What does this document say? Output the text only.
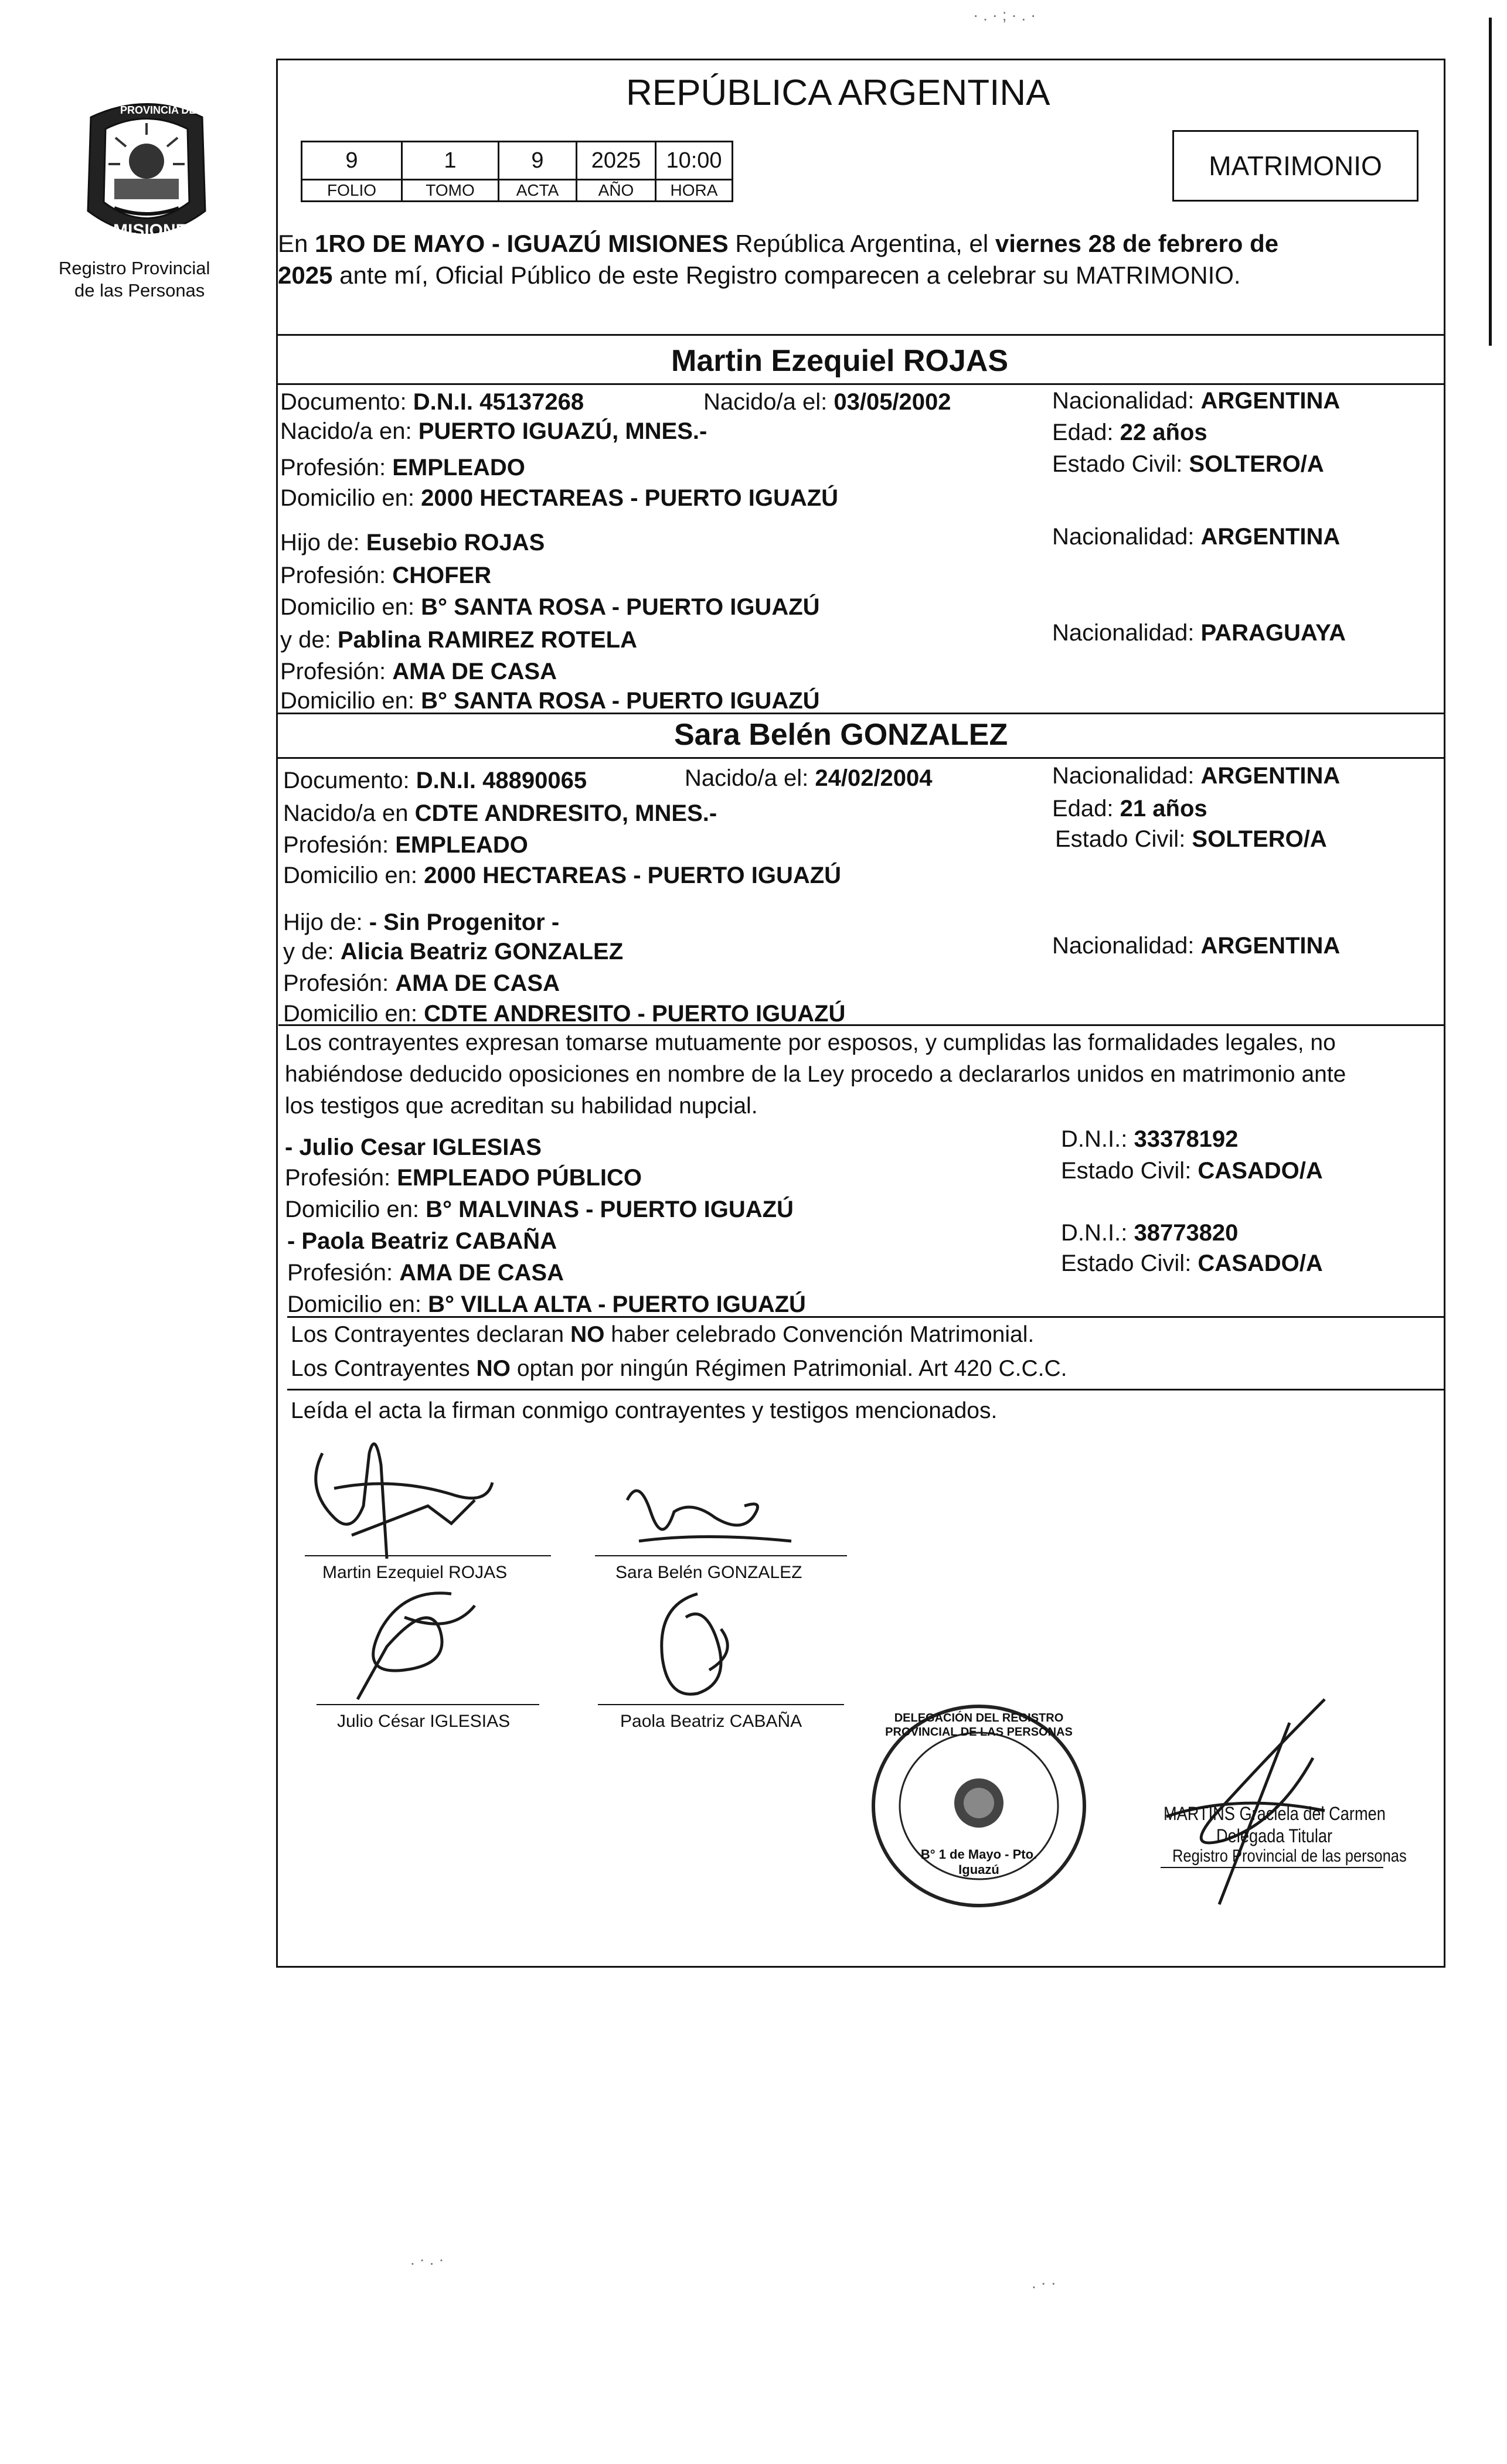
PROVINCIA DE
MISIONES
Registro Provincial
de las Personas
REPÚBLICA ARGENTINA
9	1	9	2025	10:00
FOLIO	TOMO	ACTA	AÑO	HORA
MATRIMONIO
En 1RO DE MAYO - IGUAZÚ MISIONES República Argentina, el viernes 28 de febrero de
2025 ante mí, Oficial Público de este Registro comparecen a celebrar su MATRIMONIO.
Martin Ezequiel ROJAS
Documento: D.N.I. 45137268	Nacido/a el: 03/05/2002	Nacionalidad: ARGENTINA
Nacido/a en: PUERTO IGUAZÚ, MNES.-	Edad: 22 años
Profesión: EMPLEADO	Estado Civil: SOLTERO/A
Domicilio en: 2000 HECTAREAS - PUERTO IGUAZÚ
Hijo de: Eusebio ROJAS	Nacionalidad: ARGENTINA
Profesión: CHOFER
Domicilio en: B° SANTA ROSA - PUERTO IGUAZÚ
y de: Pablina RAMIREZ ROTELA	Nacionalidad: PARAGUAYA
Profesión: AMA DE CASA
Domicilio en: B° SANTA ROSA - PUERTO IGUAZÚ
Sara Belén GONZALEZ
Documento: D.N.I. 48890065	Nacido/a el: 24/02/2004	Nacionalidad: ARGENTINA
Nacido/a en CDTE ANDRESITO, MNES.-	Edad: 21 años
Profesión: EMPLEADO	Estado Civil: SOLTERO/A
Domicilio en: 2000 HECTAREAS - PUERTO IGUAZÚ
Hijo de: - Sin Progenitor -
y de: Alicia Beatriz GONZALEZ	Nacionalidad: ARGENTINA
Profesión: AMA DE CASA
Domicilio en: CDTE ANDRESITO - PUERTO IGUAZÚ
Los contrayentes expresan tomarse mutuamente por esposos, y cumplidas las formalidades legales, no
habiéndose deducido oposiciones en nombre de la Ley procedo a declararlos unidos en matrimonio ante
los testigos que acreditan su habilidad nupcial.
- Julio Cesar IGLESIAS	D.N.I.: 33378192
Profesión: EMPLEADO PÚBLICO	Estado Civil: CASADO/A
Domicilio en: B° MALVINAS - PUERTO IGUAZÚ
- Paola Beatriz CABAÑA	D.N.I.: 38773820
Profesión: AMA DE CASA	Estado Civil: CASADO/A
Domicilio en: B° VILLA ALTA - PUERTO IGUAZÚ
Los Contrayentes declaran NO haber celebrado Convención Matrimonial.
Los Contrayentes NO optan por ningún Régimen Patrimonial. Art 420 C.C.C.
Leída el acta la firman conmigo contrayentes y testigos mencionados.
Martin Ezequiel ROJAS	Sara Belén GONZALEZ
Julio César IGLESIAS	Paola Beatriz CABAÑA	DELEGACIÓN DEL REGISTRO PROVINCIAL DE LAS PERSONAS
B° 1 de Mayo - Pto. Iguazú
MARTINS Graciela del Carmen
Delegada Titular
Registro Provincial de las personas
· . · ; · . ·
. · . ·
. · ·
